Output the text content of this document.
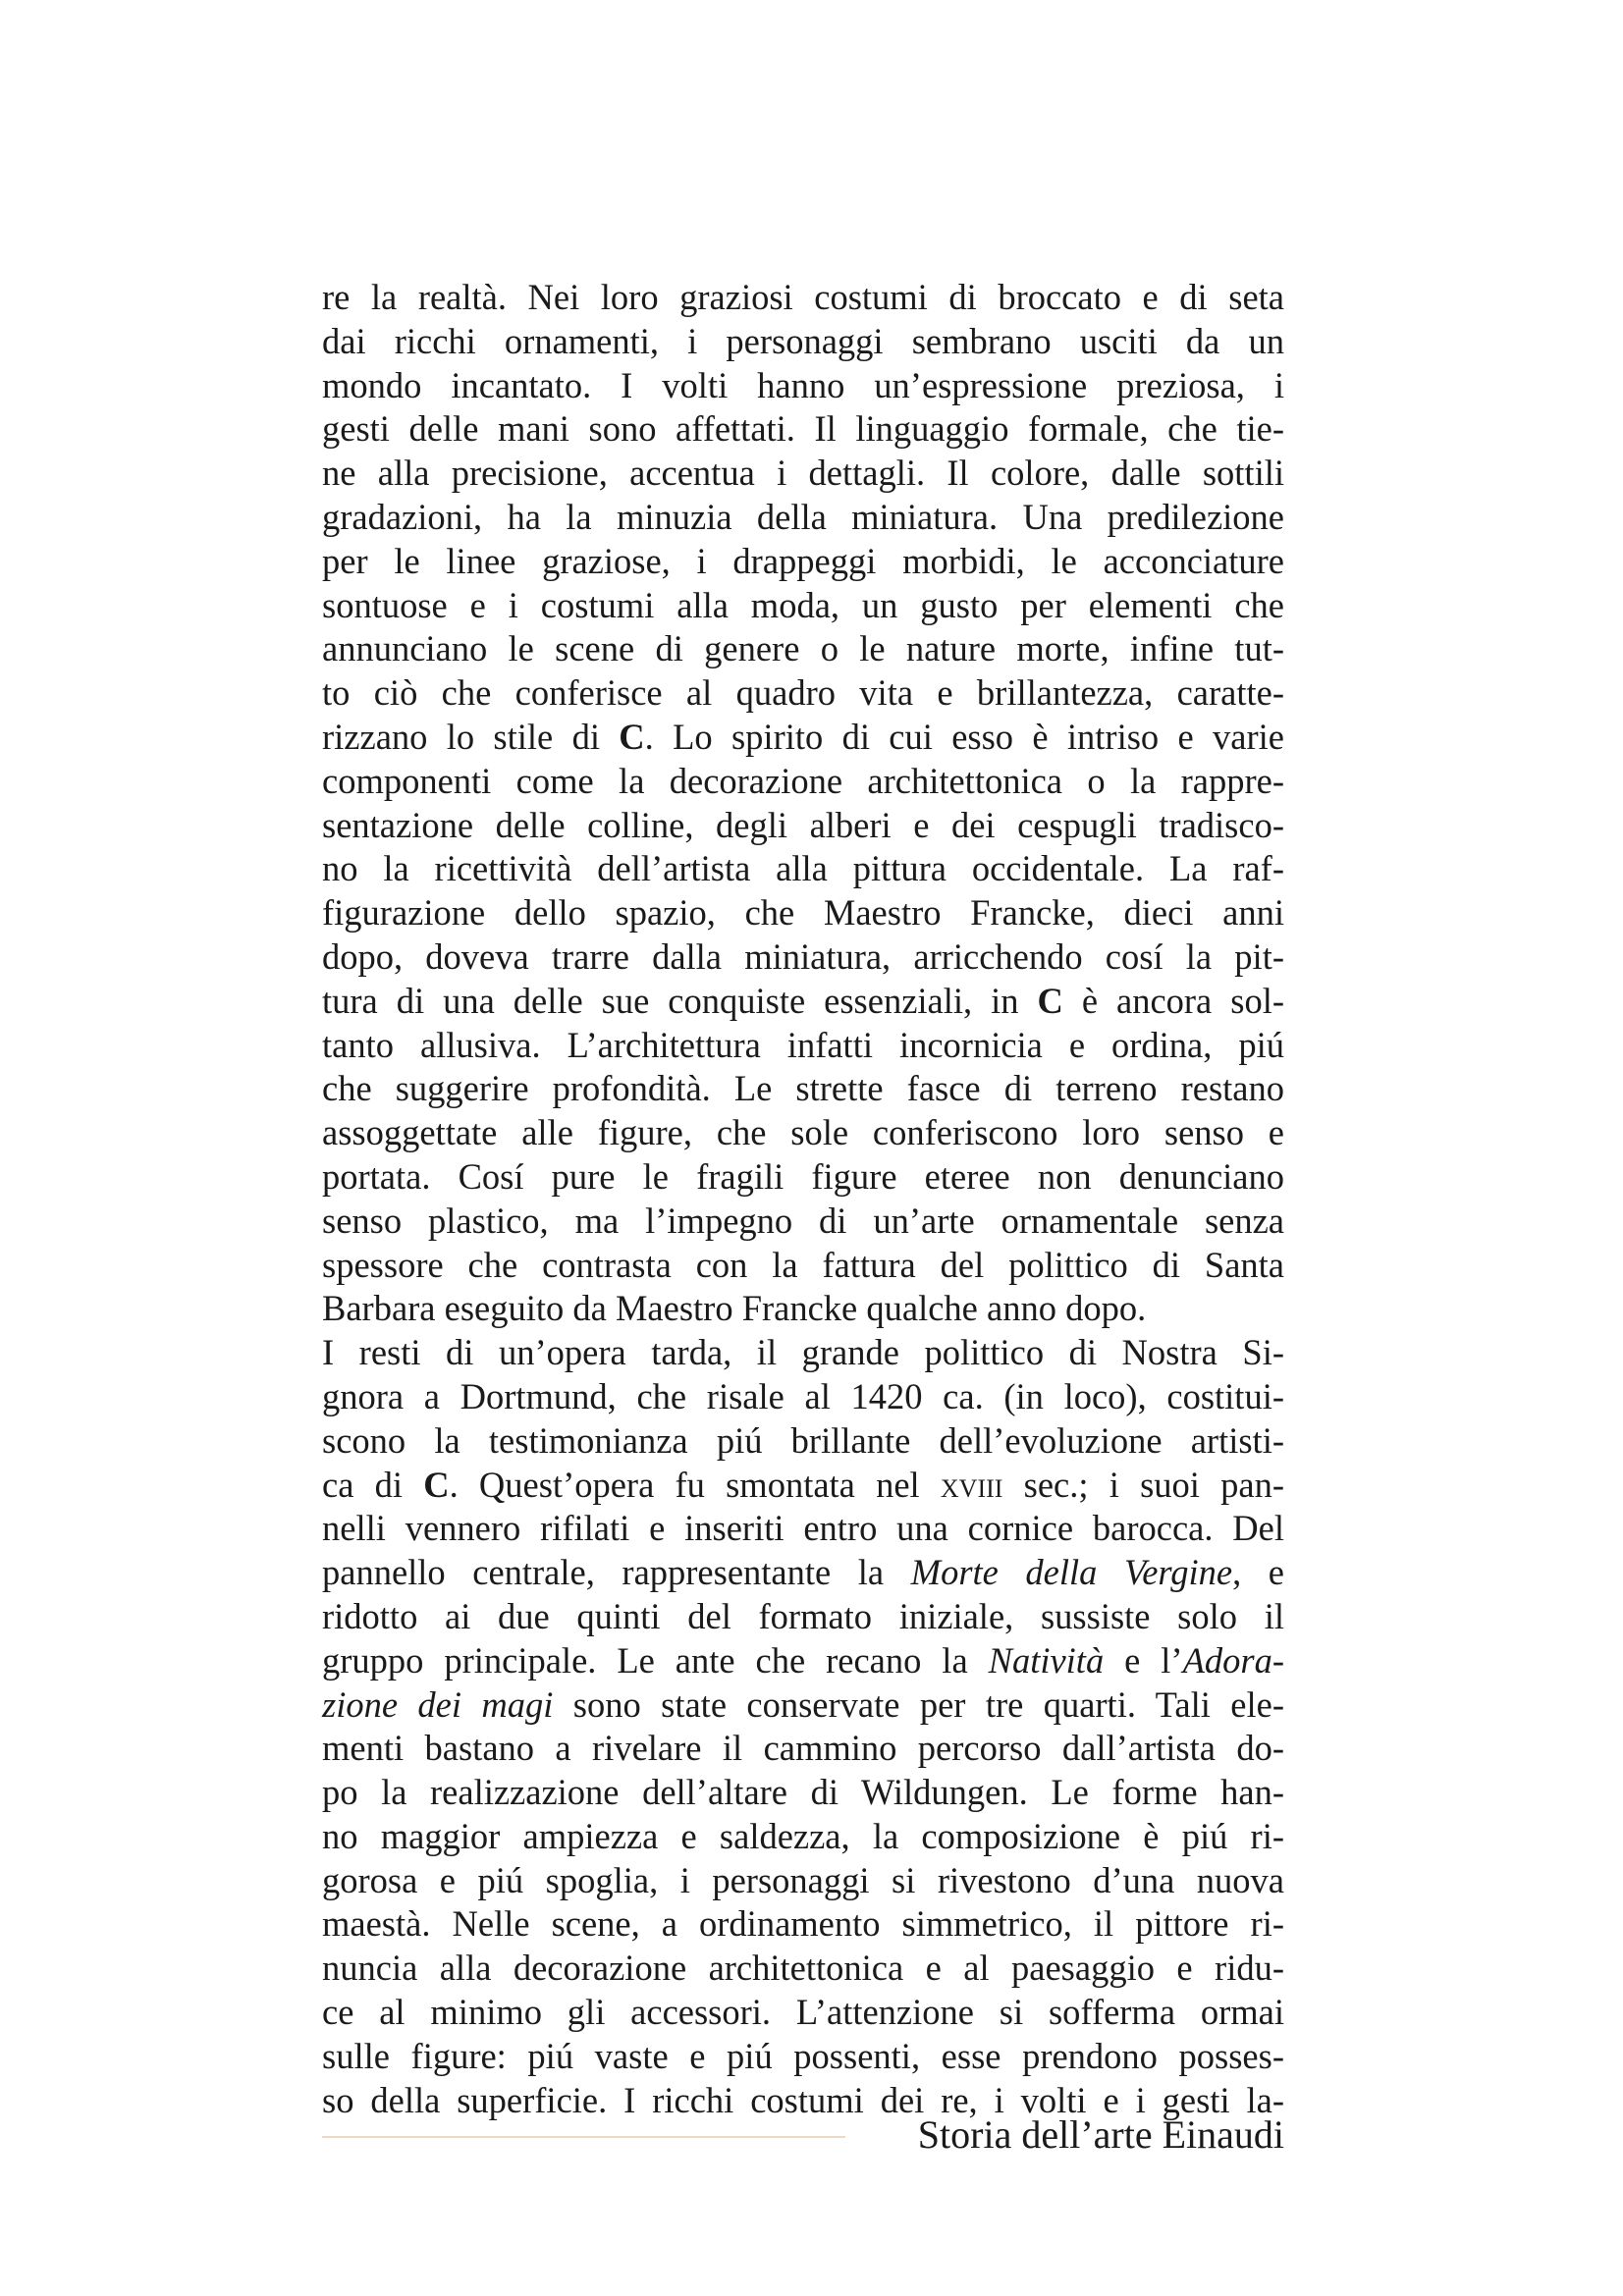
re la realtà. Nei loro graziosi costumi di broccato e di seta
dai ricchi ornamenti, i personaggi sembrano usciti da un
mondo incantato. I volti hanno un’espressione preziosa, i
gesti delle mani sono affettati. Il linguaggio formale, che tie-
ne alla precisione, accentua i dettagli. Il colore, dalle sottili
gradazioni, ha la minuzia della miniatura. Una predilezione
per le linee graziose, i drappeggi morbidi, le acconciature
sontuose e i costumi alla moda, un gusto per elementi che
annunciano le scene di genere o le nature morte, infine tut-
to ciò che conferisce al quadro vita e brillantezza, caratte-
rizzano lo stile di C. Lo spirito di cui esso è intriso e varie
componenti come la decorazione architettonica o la rappre-
sentazione delle colline, degli alberi e dei cespugli tradisco-
no la ricettività dell’artista alla pittura occidentale. La raf-
figurazione dello spazio, che Maestro Francke, dieci anni
dopo, doveva trarre dalla miniatura, arricchendo cosí la pit-
tura di una delle sue conquiste essenziali, in C è ancora sol-
tanto allusiva. L’architettura infatti incornicia e ordina, piú
che suggerire profondità. Le strette fasce di terreno restano
assoggettate alle figure, che sole conferiscono loro senso e
portata. Cosí pure le fragili figure eteree non denunciano
senso plastico, ma l’impegno di un’arte ornamentale senza
spessore che contrasta con la fattura del polittico di Santa
Barbara eseguito da Maestro Francke qualche anno dopo.
I resti di un’opera tarda, il grande polittico di Nostra Si-
gnora a Dortmund, che risale al 1420 ca. (in loco), costitui-
scono la testimonianza piú brillante dell’evoluzione artisti-
ca di C. Quest’opera fu smontata nel xviii sec.; i suoi pan-
nelli vennero rifilati e inseriti entro una cornice barocca. Del
pannello centrale, rappresentante la Morte della Vergine, e
ridotto ai due quinti del formato iniziale, sussiste solo il
gruppo principale. Le ante che recano la Natività e l’Adora-
zione dei magi sono state conservate per tre quarti. Tali ele-
menti bastano a rivelare il cammino percorso dall’artista do-
po la realizzazione dell’altare di Wildungen. Le forme han-
no maggior ampiezza e saldezza, la composizione è piú ri-
gorosa e piú spoglia, i personaggi si rivestono d’una nuova
maestà. Nelle scene, a ordinamento simmetrico, il pittore ri-
nuncia alla decorazione architettonica e al paesaggio e ridu-
ce al minimo gli accessori. L’attenzione si sofferma ormai
sulle figure: piú vaste e piú possenti, esse prendono posses-
so della superficie. I ricchi costumi dei re, i volti e i gesti la-
Storia dell’arte Einaudi
